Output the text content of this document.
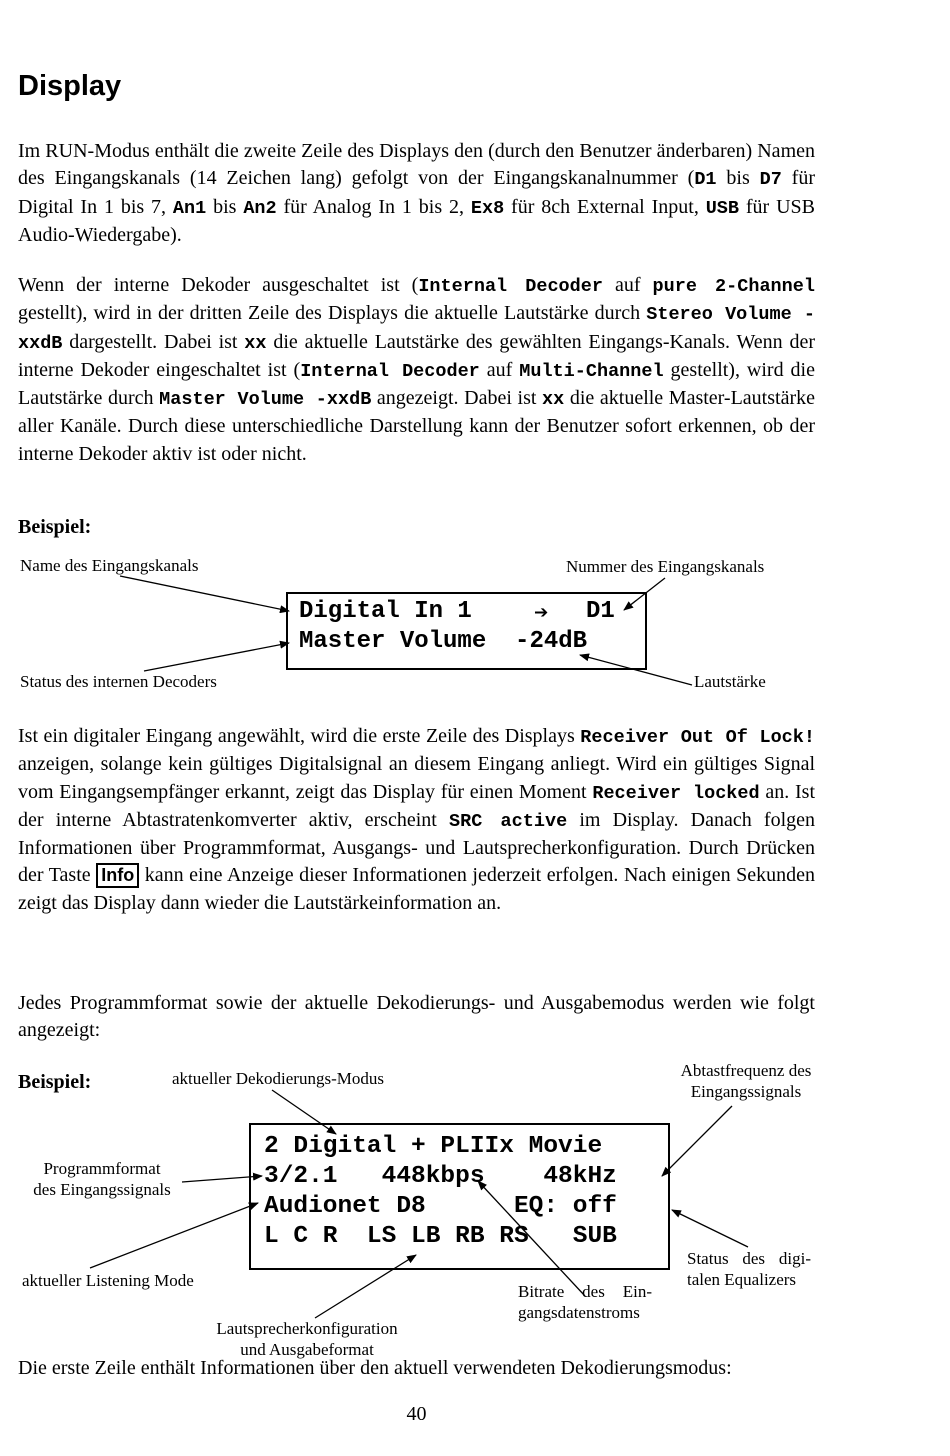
Display

Im RUN-Modus enthält die zweite Zeile des Displays den (durch den Benutzer änderbaren) Namen des Eingangskanals (14 Zeichen lang) gefolgt von der Eingangskanalnummer (D1 bis D7 für Digital In 1 bis 7, An1 bis An2 für Analog In 1 bis 2, Ex8 für 8ch External Input, USB für USB Audio-Wiedergabe).

Wenn der interne Dekoder ausgeschaltet ist (Internal Decoder auf pure 2-Channel gestellt), wird in der dritten Zeile des Displays die aktuelle Lautstärke durch Stereo Volume -xxdB dargestellt. Dabei ist xx die aktuelle Lautstärke des gewählten Eingangs-Kanals. Wenn der interne Dekoder eingeschaltet ist (Internal Decoder auf Multi-Channel gestellt), wird die Lautstärke durch Master Volume -xxdB angezeigt. Dabei ist xx die aktuelle Master-Lautstärke aller Kanäle. Durch diese unterschiedliche Darstellung kann der Benutzer sofort erkennen, ob der interne Dekoder aktiv ist oder nicht.

Beispiel:
Name des Eingangskanals	Nummer des Eingangskanals
Status des internen Decoders	Lautstärke
Digital In 1	➔ D1
Master Volume  -24dB

Ist ein digitaler Eingang angewählt, wird die erste Zeile des Displays Receiver Out Of Lock! anzeigen, solange kein gültiges Digitalsignal an diesem Eingang anliegt. Wird ein gültiges Signal vom Eingangsempfänger erkannt, zeigt das Display für einen Moment Receiver locked an. Ist der interne Abtastratenkomverter aktiv, erscheint SRC active im Display. Danach folgen Informationen über Programmformat, Ausgangs- und Lautsprecherkonfiguration. Durch Drücken der Taste Info kann eine Anzeige dieser Informationen jederzeit erfolgen. Nach einigen Sekunden zeigt das Display dann wieder die Lautstärkeinformation an.

Jedes Programmformat sowie der aktuelle Dekodierungs- und Ausgabemodus werden wie folgt angezeigt:

Beispiel:	aktueller Dekodierungs-Modus	Abtastfrequenz des
Eingangssignals
Programmformat
des Eingangssignals
aktueller Listening Mode
Status des digi-
talen Equalizers
Bitrate des Ein-
gangsdatenstroms
Lautsprecherkonfiguration
und Ausgabeformat
2 Digital + PLIIx Movie
3/2.1   448kbps    48kHz
Audionet D8      EQ: off
L C R  LS LB RB RS   SUB

Die erste Zeile enthält Informationen über den aktuell verwendeten Dekodierungsmodus:

40
